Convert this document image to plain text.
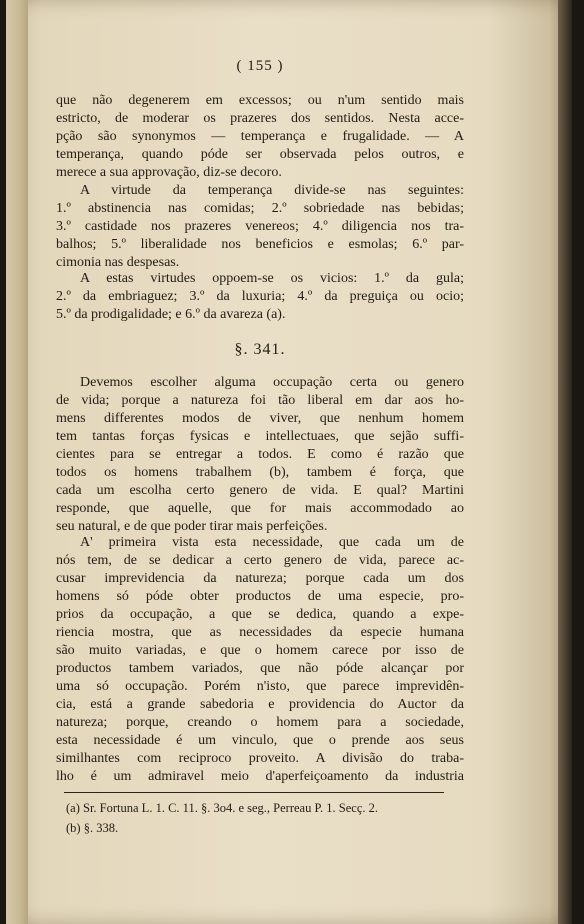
( 155 )
que não degenerem em excessos; ou n'um sentido mais
estricto, de moderar os prazeres dos sentidos. Nesta acce-
pção são synonymos — temperança e frugalidade. — A
temperança, quando póde ser observada pelos outros, e
merece a sua approvação, diz-se decoro.
A virtude da temperança divide-se nas seguintes:
1.º abstinencia nas comidas; 2.º sobriedade nas bebidas;
3.º castidade nos prazeres venereos; 4.º diligencia nos tra-
balhos; 5.º liberalidade nos beneficios e esmolas; 6.º par-
cimonia nas despesas.
A estas virtudes oppoem-se os vicios: 1.º da gula;
2.º da embriaguez; 3.º da luxuria; 4.º da preguiça ou ocio;
5.º da prodigalidade; e 6.º da avareza (a).
§. 341.
Devemos escolher alguma occupação certa ou genero
de vida; porque a natureza foi tão liberal em dar aos ho-
mens differentes modos de viver, que nenhum homem
tem tantas forças fysicas e intellectuaes, que sejão suffi-
cientes para se entregar a todos. E como é razão que
todos os homens trabalhem (b), tambem é força, que
cada um escolha certo genero de vida. E qual? Martini
responde, que aquelle, que for mais accommodado ao
seu natural, e de que poder tirar mais perfeições.
A' primeira vista esta necessidade, que cada um de
nós tem, de se dedicar a certo genero de vida, parece ac-
cusar imprevidencia da natureza; porque cada um dos
homens só póde obter productos de uma especie, pro-
prios da occupação, a que se dedica, quando a expe-
riencia mostra, que as necessidades da especie humana
são muito variadas, e que o homem carece por isso de
productos tambem variados, que não póde alcançar por
uma só occupação. Porém n'isto, que parece imprevidên-
cia, está a grande sabedoria e providencia do Auctor da
natureza; porque, creando o homem para a sociedade,
esta necessidade é um vinculo, que o prende aos seus
similhantes com reciproco proveito. A divisão do traba-
lho é um admiravel meio d'aperfeiçoamento da industria
(a) Sr. Fortuna L. 1. C. 11. §. 3o4. e seg., Perreau P. 1. Secç. 2.
(b) §. 338.
